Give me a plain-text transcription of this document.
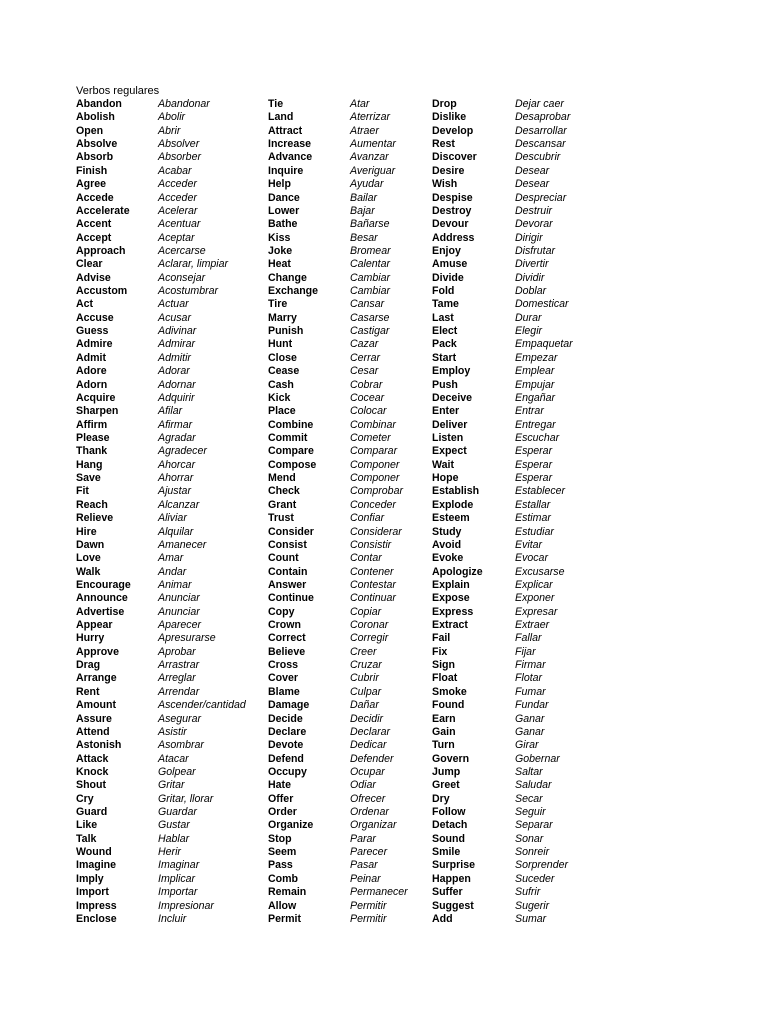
Verbos regulares
Abandon	Abandonar
Abolish	Abolir
Open	Abrir
Absolve	Absolver
Absorb	Absorber
Finish	Acabar
Agree	Acceder
Accede	Acceder
Accelerate	Acelerar
Accent	Acentuar
Accept	Aceptar
Approach	Acercarse
Clear	Aclarar, limpiar
Advise	Aconsejar
Accustom	Acostumbrar
Act	Actuar
Accuse	Acusar
Guess	Adivinar
Admire	Admirar
Admit	Admitir
Adore	Adorar
Adorn	Adornar
Acquire	Adquirir
Sharpen	Afilar
Affirm	Afirmar
Please	Agradar
Thank	Agradecer
Hang	Ahorcar
Save	Ahorrar
Fit	Ajustar
Reach	Alcanzar
Relieve	Aliviar
Hire	Alquilar
Dawn	Amanecer
Love	Amar
Walk	Andar
Encourage	Animar
Announce	Anunciar
Advertise	Anunciar
Appear	Aparecer
Hurry	Apresurarse
Approve	Aprobar
Drag	Arrastrar
Arrange	Arreglar
Rent	Arrendar
Amount	Ascender/cantidad
Assure	Asegurar
Attend	Asistir
Astonish	Asombrar
Attack	Atacar
Knock	Golpear
Shout	Gritar
Cry	Gritar, llorar
Guard	Guardar
Like	Gustar
Talk	Hablar
Wound	Herir
Imagine	Imaginar
Imply	Implicar
Import	Importar
Impress	Impresionar
Enclose	Incluir
Tie	Atar
Land	Aterrizar
Attract	Atraer
Increase	Aumentar
Advance	Avanzar
Inquire	Averiguar
Help	Ayudar
Dance	Bailar
Lower	Bajar
Bathe	Bañarse
Kiss	Besar
Joke	Bromear
Heat	Calentar
Change	Cambiar
Exchange	Cambiar
Tire	Cansar
Marry	Casarse
Punish	Castigar
Hunt	Cazar
Close	Cerrar
Cease	Cesar
Cash	Cobrar
Kick	Cocear
Place	Colocar
Combine	Combinar
Commit	Cometer
Compare	Comparar
Compose	Componer
Mend	Componer
Check	Comprobar
Grant	Conceder
Trust	Confiar
Consider	Considerar
Consist	Consistir
Count	Contar
Contain	Contener
Answer	Contestar
Continue	Continuar
Copy	Copiar
Crown	Coronar
Correct	Corregir
Believe	Creer
Cross	Cruzar
Cover	Cubrir
Blame	Culpar
Damage	Dañar
Decide	Decidir
Declare	Declarar
Devote	Dedicar
Defend	Defender
Occupy	Ocupar
Hate	Odiar
Offer	Ofrecer
Order	Ordenar
Organize	Organizar
Stop	Parar
Seem	Parecer
Pass	Pasar
Comb	Peinar
Remain	Permanecer
Allow	Permitir
Permit	Permitir
Drop	Dejar caer
Dislike	Desaprobar
Develop	Desarrollar
Rest	Descansar
Discover	Descubrir
Desire	Desear
Wish	Desear
Despise	Despreciar
Destroy	Destruir
Devour	Devorar
Address	Dirigir
Enjoy	Disfrutar
Amuse	Divertir
Divide	Dividir
Fold	Doblar
Tame	Domesticar
Last	Durar
Elect	Elegir
Pack	Empaquetar
Start	Empezar
Employ	Emplear
Push	Empujar
Deceive	Engañar
Enter	Entrar
Deliver	Entregar
Listen	Escuchar
Expect	Esperar
Wait	Esperar
Hope	Esperar
Establish	Establecer
Explode	Estallar
Esteem	Estimar
Study	Estudiar
Avoid	Evitar
Evoke	Evocar
Apologize	Excusarse
Explain	Explicar
Expose	Exponer
Express	Expresar
Extract	Extraer
Fail	Fallar
Fix	Fijar
Sign	Firmar
Float	Flotar
Smoke	Fumar
Found	Fundar
Earn	Ganar
Gain	Ganar
Turn	Girar
Govern	Gobernar
Jump	Saltar
Greet	Saludar
Dry	Secar
Follow	Seguir
Detach	Separar
Sound	Sonar
Smile	Sonreir
Surprise	Sorprender
Happen	Suceder
Suffer	Sufrir
Suggest	Sugerir
Add	Sumar
